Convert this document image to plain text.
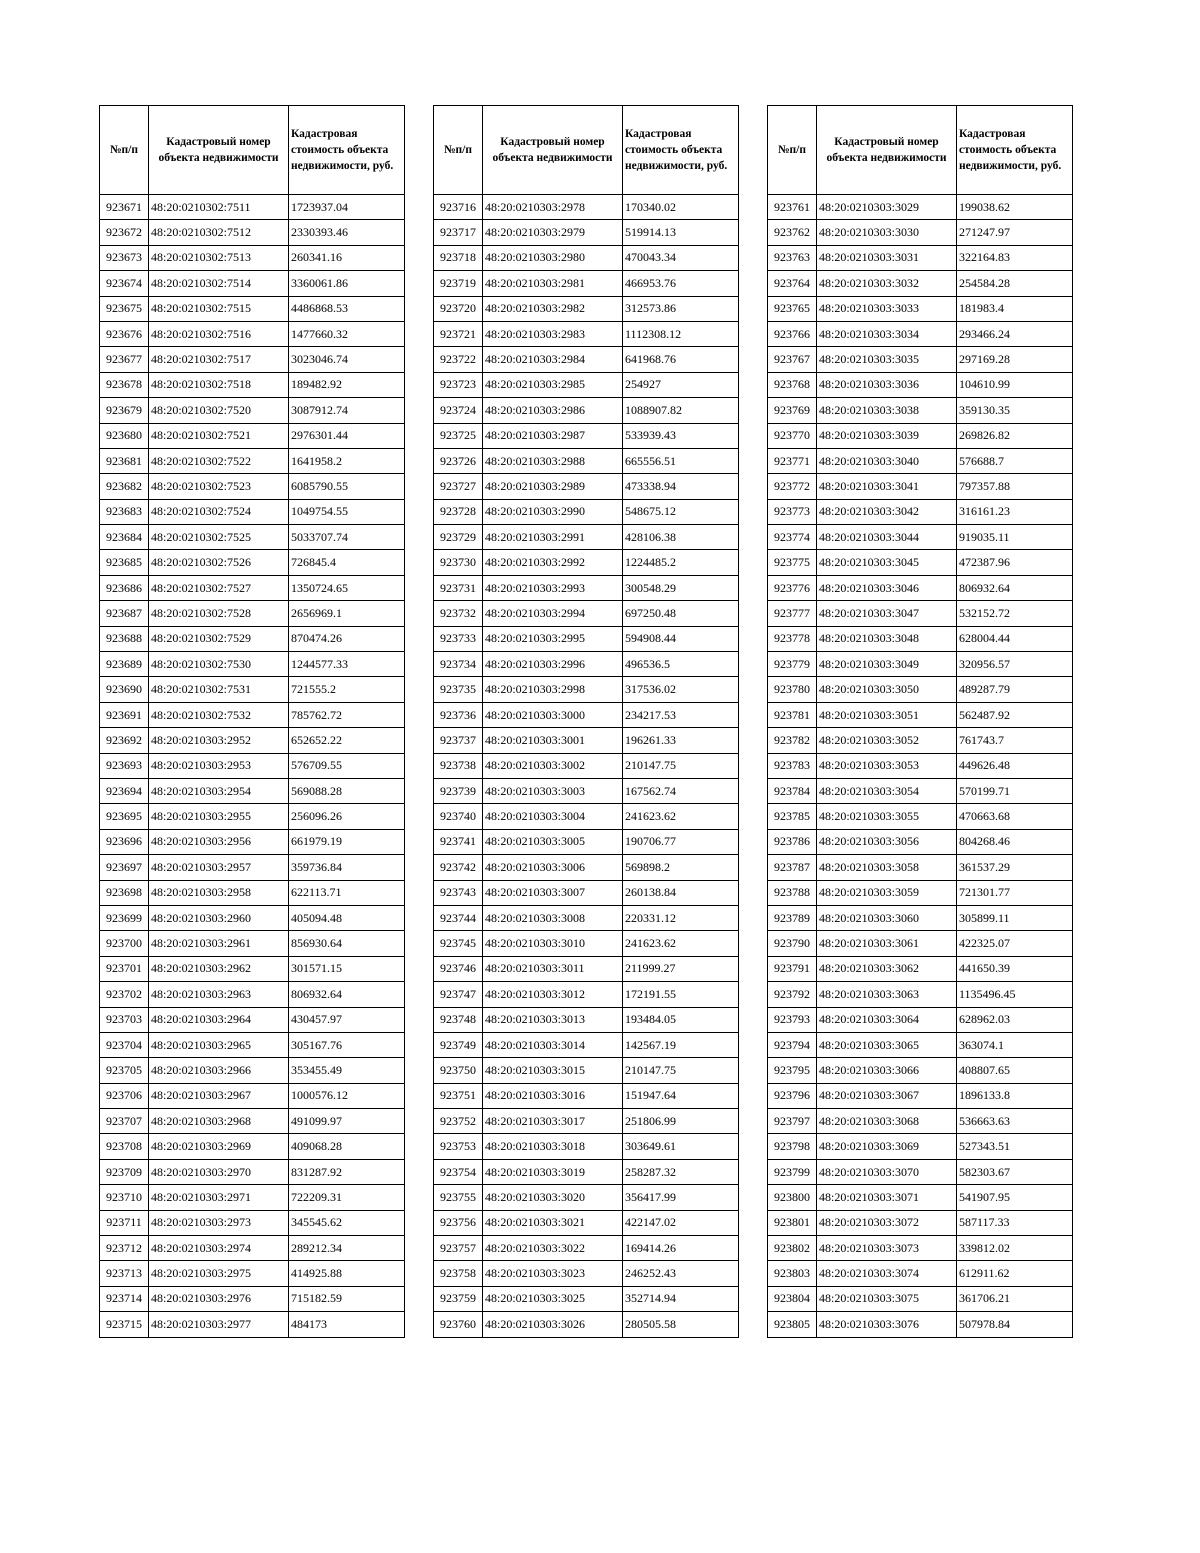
№п/п	Кадастровый номер объекта недвижимости	Кадастровая стоимость объекта недвижимости, руб.
923671	48:20:0210302:7511	1723937.04
923672	48:20:0210302:7512	2330393.46
923673	48:20:0210302:7513	260341.16
923674	48:20:0210302:7514	3360061.86
923675	48:20:0210302:7515	4486868.53
923676	48:20:0210302:7516	1477660.32
923677	48:20:0210302:7517	3023046.74
923678	48:20:0210302:7518	189482.92
923679	48:20:0210302:7520	3087912.74
923680	48:20:0210302:7521	2976301.44
923681	48:20:0210302:7522	1641958.2
923682	48:20:0210302:7523	6085790.55
923683	48:20:0210302:7524	1049754.55
923684	48:20:0210302:7525	5033707.74
923685	48:20:0210302:7526	726845.4
923686	48:20:0210302:7527	1350724.65
923687	48:20:0210302:7528	2656969.1
923688	48:20:0210302:7529	870474.26
923689	48:20:0210302:7530	1244577.33
923690	48:20:0210302:7531	721555.2
923691	48:20:0210302:7532	785762.72
923692	48:20:0210303:2952	652652.22
923693	48:20:0210303:2953	576709.55
923694	48:20:0210303:2954	569088.28
923695	48:20:0210303:2955	256096.26
923696	48:20:0210303:2956	661979.19
923697	48:20:0210303:2957	359736.84
923698	48:20:0210303:2958	622113.71
923699	48:20:0210303:2960	405094.48
923700	48:20:0210303:2961	856930.64
923701	48:20:0210303:2962	301571.15
923702	48:20:0210303:2963	806932.64
923703	48:20:0210303:2964	430457.97
923704	48:20:0210303:2965	305167.76
923705	48:20:0210303:2966	353455.49
923706	48:20:0210303:2967	1000576.12
923707	48:20:0210303:2968	491099.97
923708	48:20:0210303:2969	409068.28
923709	48:20:0210303:2970	831287.92
923710	48:20:0210303:2971	722209.31
923711	48:20:0210303:2973	345545.62
923712	48:20:0210303:2974	289212.34
923713	48:20:0210303:2975	414925.88
923714	48:20:0210303:2976	715182.59
923715	48:20:0210303:2977	484173
№п/п	Кадастровый номер объекта недвижимости	Кадастровая стоимость объекта недвижимости, руб.
923716	48:20:0210303:2978	170340.02
923717	48:20:0210303:2979	519914.13
923718	48:20:0210303:2980	470043.34
923719	48:20:0210303:2981	466953.76
923720	48:20:0210303:2982	312573.86
923721	48:20:0210303:2983	1112308.12
923722	48:20:0210303:2984	641968.76
923723	48:20:0210303:2985	254927
923724	48:20:0210303:2986	1088907.82
923725	48:20:0210303:2987	533939.43
923726	48:20:0210303:2988	665556.51
923727	48:20:0210303:2989	473338.94
923728	48:20:0210303:2990	548675.12
923729	48:20:0210303:2991	428106.38
923730	48:20:0210303:2992	1224485.2
923731	48:20:0210303:2993	300548.29
923732	48:20:0210303:2994	697250.48
923733	48:20:0210303:2995	594908.44
923734	48:20:0210303:2996	496536.5
923735	48:20:0210303:2998	317536.02
923736	48:20:0210303:3000	234217.53
923737	48:20:0210303:3001	196261.33
923738	48:20:0210303:3002	210147.75
923739	48:20:0210303:3003	167562.74
923740	48:20:0210303:3004	241623.62
923741	48:20:0210303:3005	190706.77
923742	48:20:0210303:3006	569898.2
923743	48:20:0210303:3007	260138.84
923744	48:20:0210303:3008	220331.12
923745	48:20:0210303:3010	241623.62
923746	48:20:0210303:3011	211999.27
923747	48:20:0210303:3012	172191.55
923748	48:20:0210303:3013	193484.05
923749	48:20:0210303:3014	142567.19
923750	48:20:0210303:3015	210147.75
923751	48:20:0210303:3016	151947.64
923752	48:20:0210303:3017	251806.99
923753	48:20:0210303:3018	303649.61
923754	48:20:0210303:3019	258287.32
923755	48:20:0210303:3020	356417.99
923756	48:20:0210303:3021	422147.02
923757	48:20:0210303:3022	169414.26
923758	48:20:0210303:3023	246252.43
923759	48:20:0210303:3025	352714.94
923760	48:20:0210303:3026	280505.58
№п/п	Кадастровый номер объекта недвижимости	Кадастровая стоимость объекта недвижимости, руб.
923761	48:20:0210303:3029	199038.62
923762	48:20:0210303:3030	271247.97
923763	48:20:0210303:3031	322164.83
923764	48:20:0210303:3032	254584.28
923765	48:20:0210303:3033	181983.4
923766	48:20:0210303:3034	293466.24
923767	48:20:0210303:3035	297169.28
923768	48:20:0210303:3036	104610.99
923769	48:20:0210303:3038	359130.35
923770	48:20:0210303:3039	269826.82
923771	48:20:0210303:3040	576688.7
923772	48:20:0210303:3041	797357.88
923773	48:20:0210303:3042	316161.23
923774	48:20:0210303:3044	919035.11
923775	48:20:0210303:3045	472387.96
923776	48:20:0210303:3046	806932.64
923777	48:20:0210303:3047	532152.72
923778	48:20:0210303:3048	628004.44
923779	48:20:0210303:3049	320956.57
923780	48:20:0210303:3050	489287.79
923781	48:20:0210303:3051	562487.92
923782	48:20:0210303:3052	761743.7
923783	48:20:0210303:3053	449626.48
923784	48:20:0210303:3054	570199.71
923785	48:20:0210303:3055	470663.68
923786	48:20:0210303:3056	804268.46
923787	48:20:0210303:3058	361537.29
923788	48:20:0210303:3059	721301.77
923789	48:20:0210303:3060	305899.11
923790	48:20:0210303:3061	422325.07
923791	48:20:0210303:3062	441650.39
923792	48:20:0210303:3063	1135496.45
923793	48:20:0210303:3064	628962.03
923794	48:20:0210303:3065	363074.1
923795	48:20:0210303:3066	408807.65
923796	48:20:0210303:3067	1896133.8
923797	48:20:0210303:3068	536663.63
923798	48:20:0210303:3069	527343.51
923799	48:20:0210303:3070	582303.67
923800	48:20:0210303:3071	541907.95
923801	48:20:0210303:3072	587117.33
923802	48:20:0210303:3073	339812.02
923803	48:20:0210303:3074	612911.62
923804	48:20:0210303:3075	361706.21
923805	48:20:0210303:3076	507978.84
